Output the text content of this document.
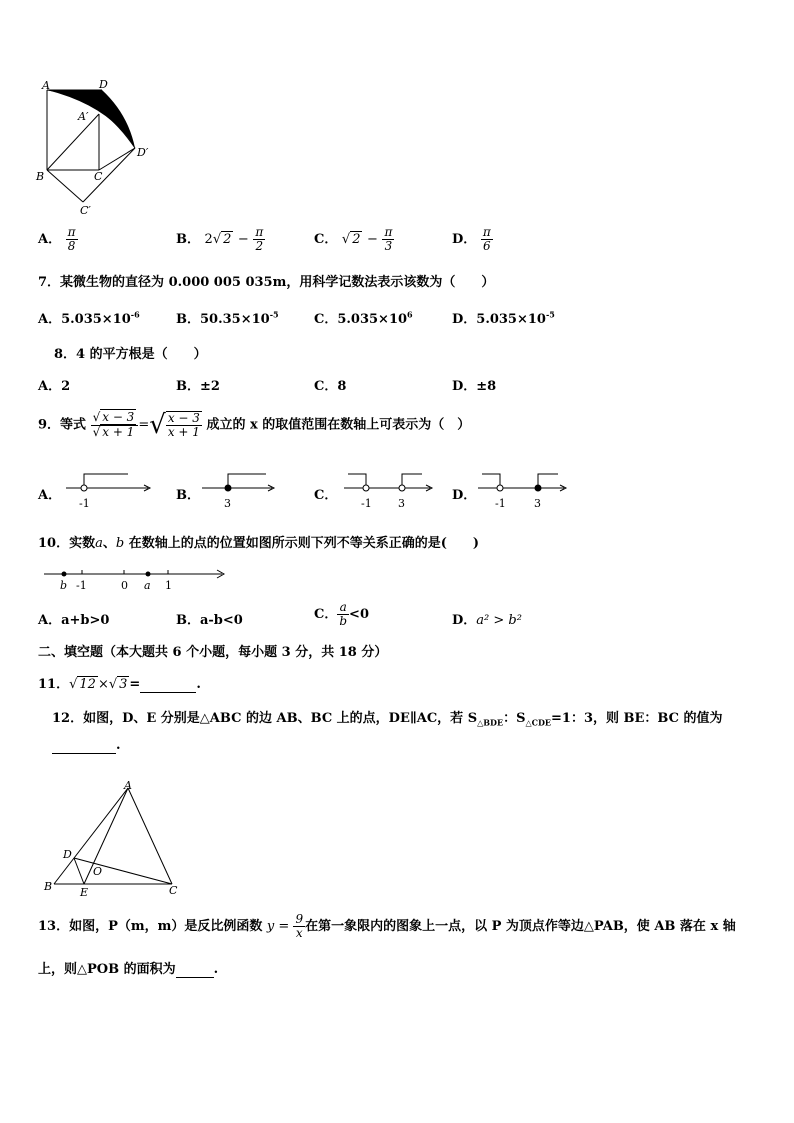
A	D
A′
B	C
D′
C′
A． $\frac{\pi}{8}$	B． 2√ $2 - \frac{\pi}{2}$	C． √ $2 - \frac{\pi}{3}$	D． $\frac{\pi}{6}$
7．某微生物的直径为 0.000 005 035m，用科学记数法表示该数为（　　）
A．$5.035\times 10^{-6}$	B．$50.35\times 10^{-5}$	C．$5.035\times 10^6$	D．$5.035\times 10^{-5}$
8．4 的平方根是（　　）
A．2	B．±2	C．8	D．±8
9．等式 $\frac{√ x - 3}{√ x + 1}$ =√ $\frac{x - 3}{x + 1}$ 成立的 x 的取值范围在数轴上可表示为（　）
A．
-1
B．
3
C．
-1 3
D．
-1	3
10．实数a、b 在数轴上的点的位置如图所示则下列不等关系正确的是(　　)
b -1	0 a 1
A．a+b>0	B．a-b<0	C． $\frac{a}{b} <0$	D．a² > b²
二、填空题（本大题共 6 个小题，每小题 3 分，共 18 分）
11．√ 12 ×√ 3 =	.
12．如图，D、E 分别是△ABC 的边 AB、BC 上的点，DE∥AC，若 $S_{\triangle BDE}$：$S_{\triangle CDE}=1$：3，则 BE：BC 的值为
.
A
D
O
B	E	C
13．如图，P（m，m）是反比例函数 $y = \frac{9}{x}$ 在第一象限内的图象上一点，以 P 为顶点作等边△PAB，使 AB 落在 x 轴
上，则△POB 的面积为	.
